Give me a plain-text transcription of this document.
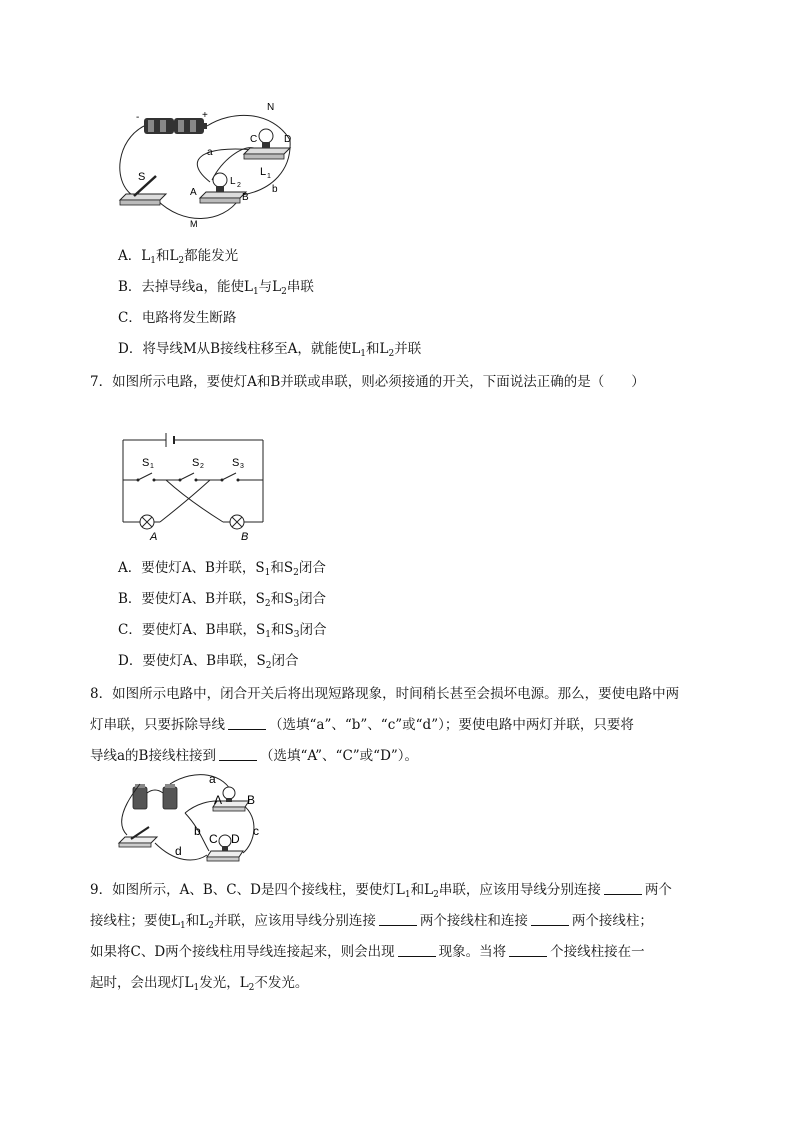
-	+
S
A
L 2
B
C	D
L 1
N
a
b
M
A．$L_1$和$L_2$都能发光
B．去掉导线a，能使$L_1$与$L_2$串联
C．电路将发生断路
D．将导线M从B接线柱移至A，就能使$L_1$和$L_2$并联
7．如图所示电路，要使灯A和B并联或串联，则必须接通的开关，下面说法正确的是（　　）
S 1	S 2	S 3
A	B
A．要使灯A、B并联，$S_1$和$S_2$闭合
B．要使灯A、B并联，$S_2$和$S_3$闭合
C．要使灯A、B串联，$S_1$和$S_3$闭合
D．要使灯A、B串联，$S_2$闭合
8．如图所示电路中，闭合开关后将出现短路现象，时间稍长甚至会损坏电源。那么，要使电路中两
灯串联，只要拆除导线	（选填“a”、“b”、“c”或“d”）；要使电路中两灯并联，只要将
导线a的B接线柱接到	（选填“A”、“C”或“D”）。
a
A B
b	c
C D
d
9．如图所示，A、B、C、D是四个接线柱，要使灯$L_1$和$L_2$串联，应该用导线分别连接	两个
接线柱；要使$L_1$和$L_2$并联，应该用导线分别连接	两个接线柱和连接	两个接线柱；
如果将C、D两个接线柱用导线连接起来，则会出现	现象。当将	个接线柱接在一
起时，会出现灯$L_1$发光，$L_2$不发光。
